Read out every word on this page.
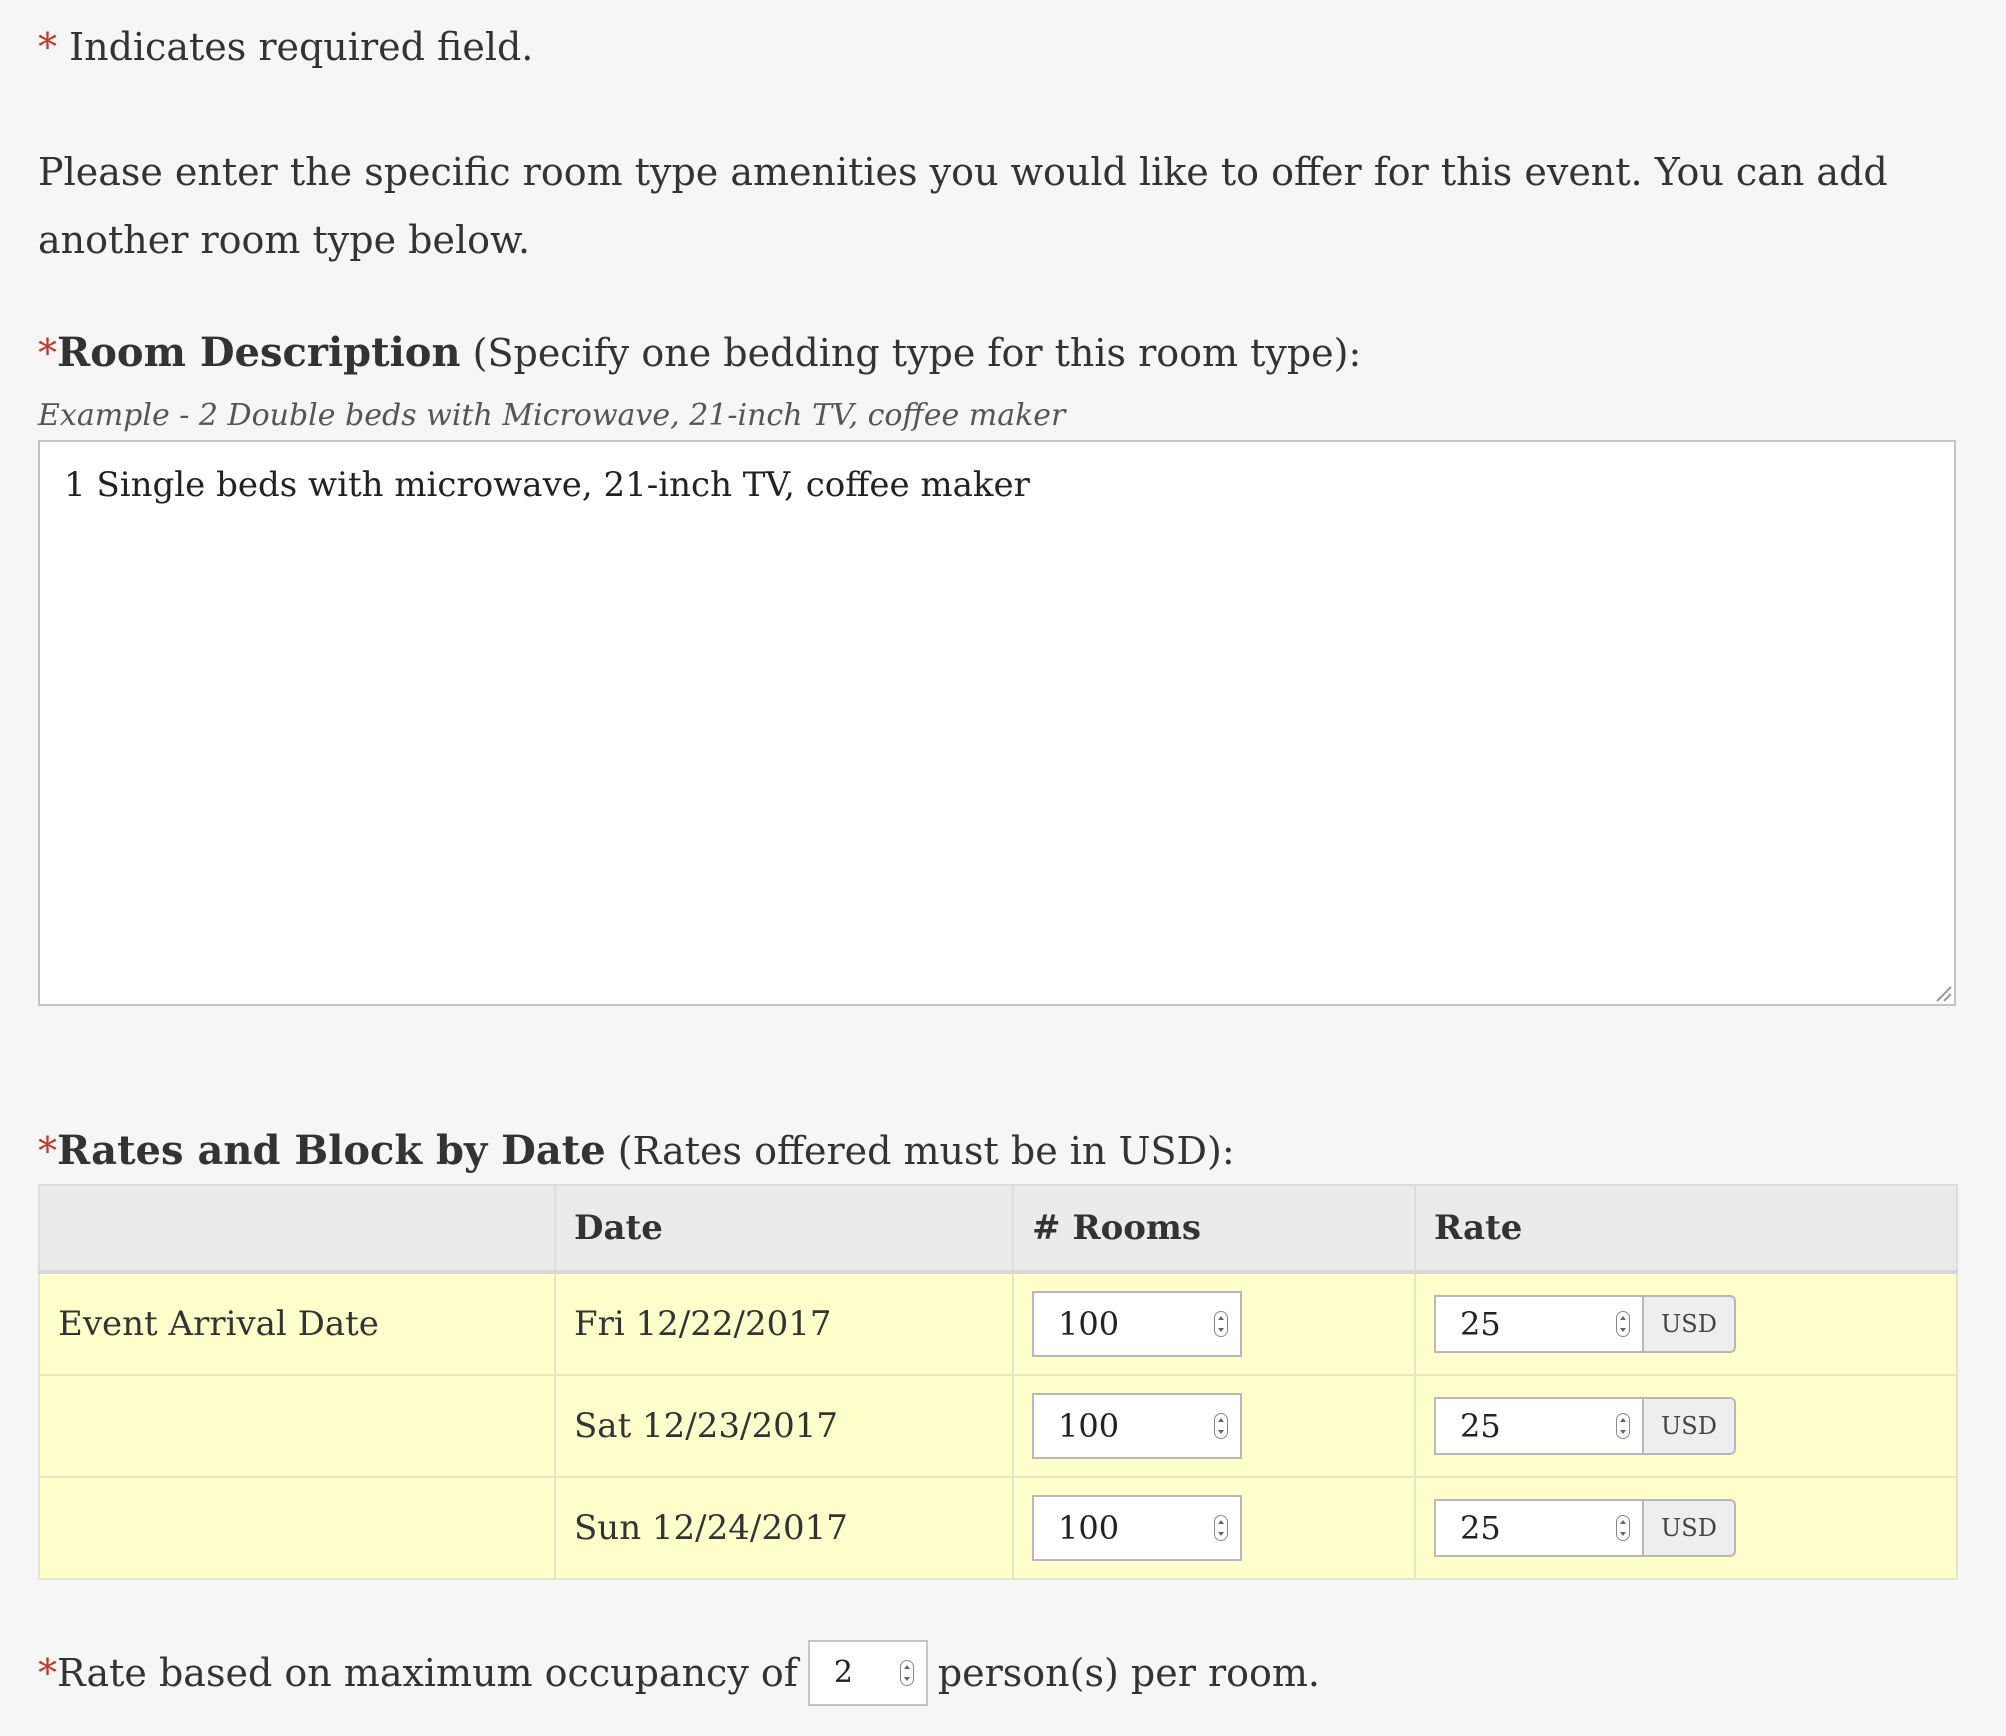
* Indicates required field.
Please enter the specific room type amenities you would like to offer for this event. You can add another room type below.
*Room Description (Specify one bedding type for this room type):
Example - 2 Double beds with Microwave, 21-inch TV, coffee maker
1 Single beds with microwave, 21-inch TV, coffee maker
*Rates and Block by Date (Rates offered must be in USD):
	Date	# Rooms	Rate
Event Arrival Date	Fri 12/22/2017	100	25 USD

	Sat 12/23/2017	100	25 USD

	Sun 12/24/2017	100	25 USD
* Rate based on maximum occupancy of 2 person(s) per room.
